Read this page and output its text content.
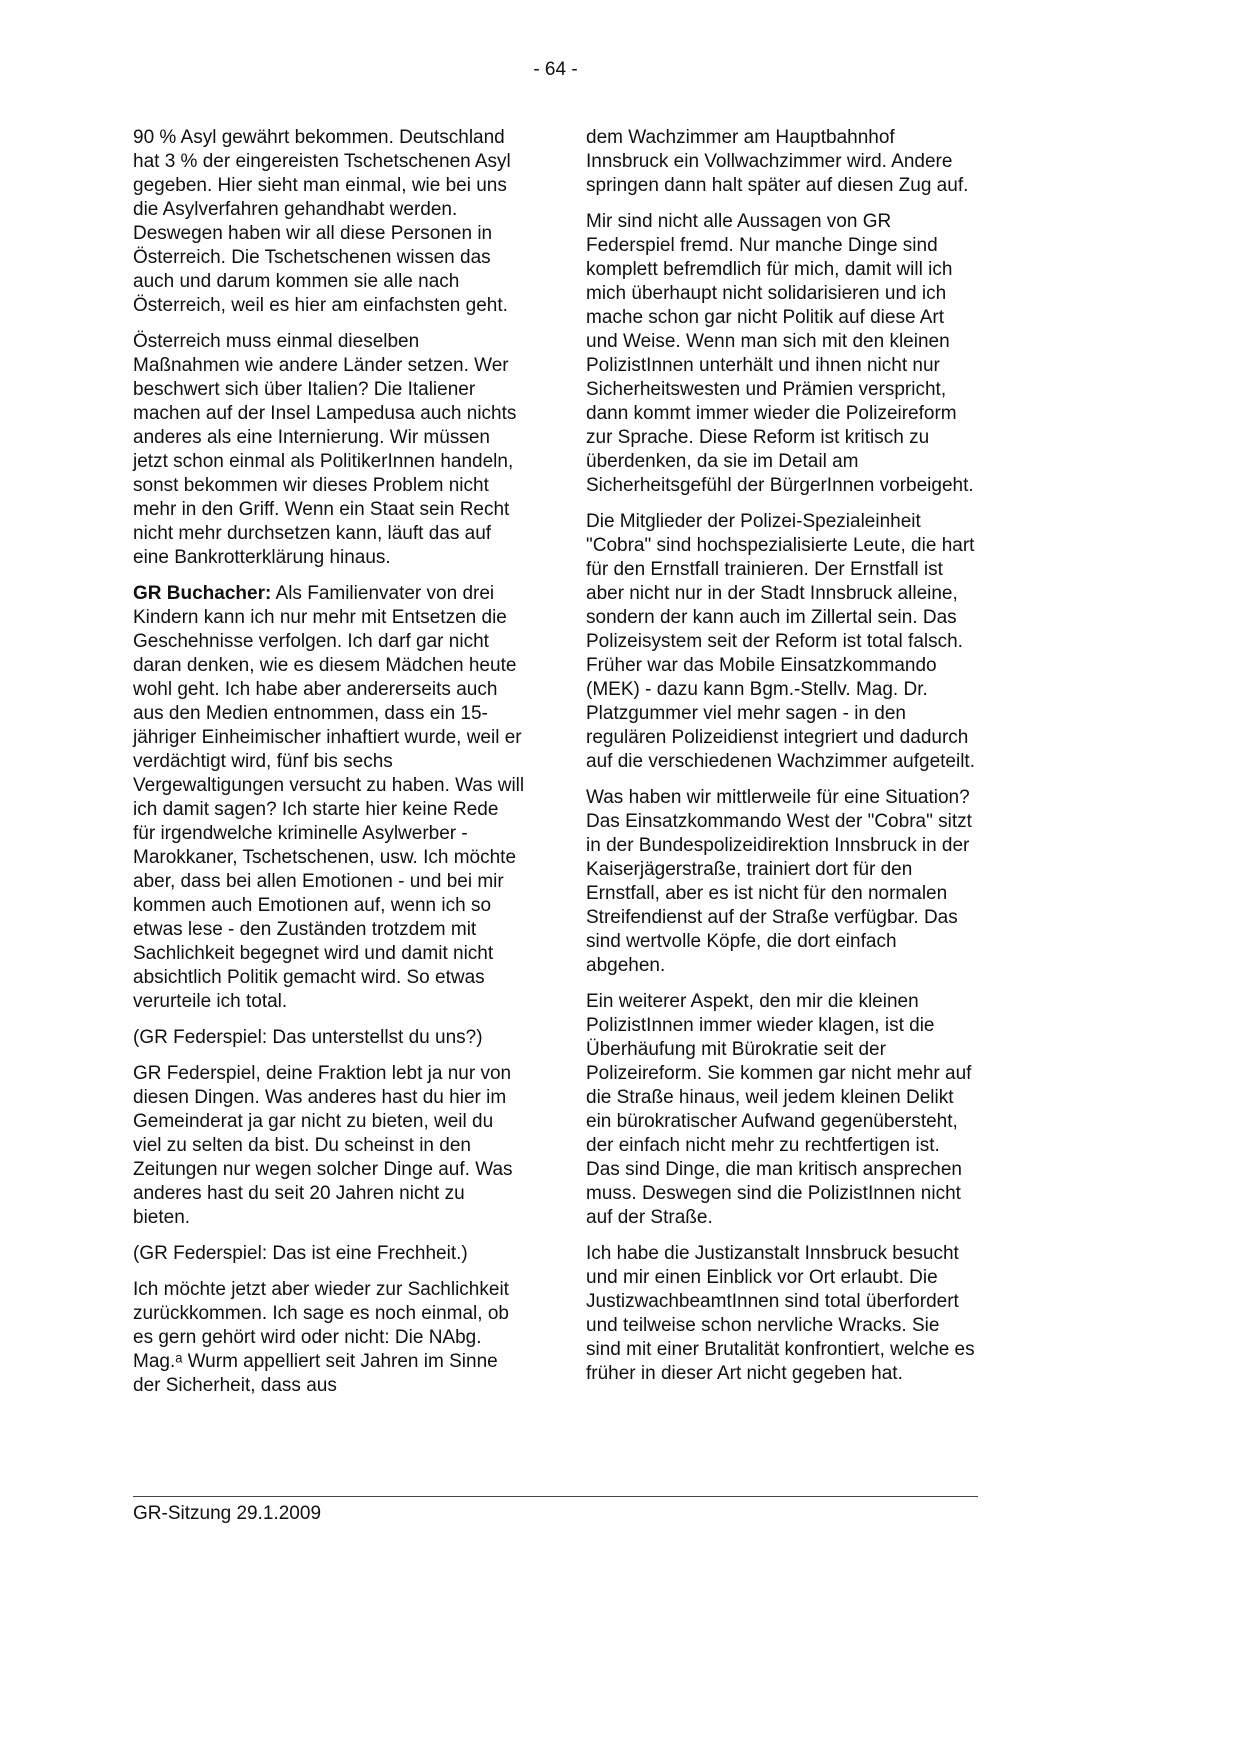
- 64 -

90 % Asyl gewährt bekommen. Deutschland hat 3 % der eingereisten Tschetschenen Asyl gegeben. Hier sieht man einmal, wie bei uns die Asylverfahren gehandhabt werden. Deswegen haben wir all diese Personen in Österreich. Die Tschetschenen wissen das auch und darum kommen sie alle nach Österreich, weil es hier am einfachsten geht.

Österreich muss einmal dieselben Maßnahmen wie andere Länder setzen. Wer beschwert sich über Italien? Die Italiener machen auf der Insel Lampedusa auch nichts anderes als eine Internierung. Wir müssen jetzt schon einmal als PolitikerInnen handeln, sonst bekommen wir dieses Problem nicht mehr in den Griff. Wenn ein Staat sein Recht nicht mehr durchsetzen kann, läuft das auf eine Bankrotterklärung hinaus.

GR Buchacher: Als Familienvater von drei Kindern kann ich nur mehr mit Entsetzen die Geschehnisse verfolgen. Ich darf gar nicht daran denken, wie es diesem Mädchen heute wohl geht. Ich habe aber andererseits auch aus den Medien entnommen, dass ein 15-jähriger Einheimischer inhaftiert wurde, weil er verdächtigt wird, fünf bis sechs Vergewaltigungen versucht zu haben. Was will ich damit sagen? Ich starte hier keine Rede für irgendwelche kriminelle Asylwerber - Marokkaner, Tschetschenen, usw. Ich möchte aber, dass bei allen Emotionen - und bei mir kommen auch Emotionen auf, wenn ich so etwas lese - den Zuständen trotzdem mit Sachlichkeit begegnet wird und damit nicht absichtlich Politik gemacht wird. So etwas verurteile ich total.

(GR Federspiel: Das unterstellst du uns?)

GR Federspiel, deine Fraktion lebt ja nur von diesen Dingen. Was anderes hast du hier im Gemeinderat ja gar nicht zu bieten, weil du viel zu selten da bist. Du scheinst in den Zeitungen nur wegen solcher Dinge auf. Was anderes hast du seit 20 Jahren nicht zu bieten.

(GR Federspiel: Das ist eine Frechheit.)

Ich möchte jetzt aber wieder zur Sachlichkeit zurückkommen. Ich sage es noch einmal, ob es gern gehört wird oder nicht: Die NAbg. Mag.ᵃ Wurm appelliert seit Jahren im Sinne der Sicherheit, dass aus

dem Wachzimmer am Hauptbahnhof Innsbruck ein Vollwachzimmer wird. Andere springen dann halt später auf diesen Zug auf.

Mir sind nicht alle Aussagen von GR Federspiel fremd. Nur manche Dinge sind komplett befremdlich für mich, damit will ich mich überhaupt nicht solidarisieren und ich mache schon gar nicht Politik auf diese Art und Weise. Wenn man sich mit den kleinen PolizistInnen unterhält und ihnen nicht nur Sicherheitswesten und Prämien verspricht, dann kommt immer wieder die Polizeireform zur Sprache. Diese Reform ist kritisch zu überdenken, da sie im Detail am Sicherheitsgefühl der BürgerInnen vorbeigeht.

Die Mitglieder der Polizei-Spezialeinheit "Cobra" sind hochspezialisierte Leute, die hart für den Ernstfall trainieren. Der Ernstfall ist aber nicht nur in der Stadt Innsbruck alleine, sondern der kann auch im Zillertal sein. Das Polizeisystem seit der Reform ist total falsch. Früher war das Mobile Einsatzkommando (MEK) - dazu kann Bgm.-Stellv. Mag. Dr. Platzgummer viel mehr sagen - in den regulären Polizeidienst integriert und dadurch auf die verschiedenen Wachzimmer aufgeteilt.

Was haben wir mittlerweile für eine Situation? Das Einsatzkommando West der "Cobra" sitzt in der Bundespolizeidirektion Innsbruck in der Kaiserjägerstraße, trainiert dort für den Ernstfall, aber es ist nicht für den normalen Streifendienst auf der Straße verfügbar. Das sind wertvolle Köpfe, die dort einfach abgehen.

Ein weiterer Aspekt, den mir die kleinen PolizistInnen immer wieder klagen, ist die Überhäufung mit Bürokratie seit der Polizeireform. Sie kommen gar nicht mehr auf die Straße hinaus, weil jedem kleinen Delikt ein bürokratischer Aufwand gegenübersteht, der einfach nicht mehr zu rechtfertigen ist. Das sind Dinge, die man kritisch ansprechen muss. Deswegen sind die PolizistInnen nicht auf der Straße.

Ich habe die Justizanstalt Innsbruck besucht und mir einen Einblick vor Ort erlaubt. Die JustizwachbeamtInnen sind total überfordert und teilweise schon nervliche Wracks. Sie sind mit einer Brutalität konfrontiert, welche es früher in dieser Art nicht gegeben hat.

GR-Sitzung 29.1.2009
